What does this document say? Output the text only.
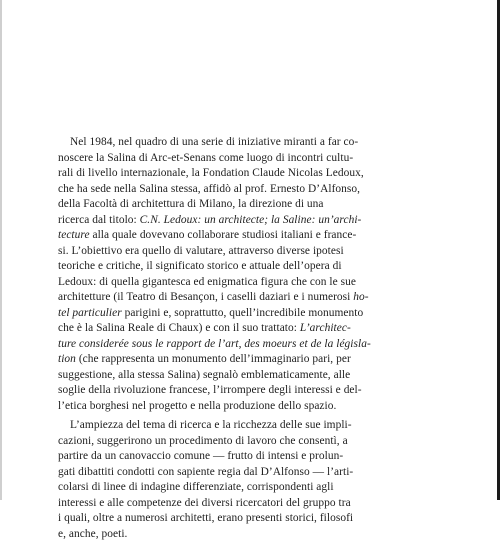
Nel 1984, nel quadro di una serie di iniziative miranti a far co-
noscere la Salina di Arc-et-Senans come luogo di incontri cultu-
rali di livello internazionale, la Fondation Claude Nicolas Ledoux,
che ha sede nella Salina stessa, affidò al prof. Ernesto D’Alfonso,
della Facoltà di architettura di Milano, la direzione di una
ricerca dal titolo: C.N. Ledoux: un architecte; la Saline: un’archi-
tecture alla quale dovevano collaborare studiosi italiani e france-
si. L’obiettivo era quello di valutare, attraverso diverse ipotesi
teoriche e critiche, il significato storico e attuale dell’opera di
Ledoux: di quella gigantesca ed enigmatica figura che con le sue
architetture (il Teatro di Besançon, i caselli daziari e i numerosi ho-
tel particulier parigini e, soprattutto, quell’incredibile monumento
che è la Salina Reale di Chaux) e con il suo trattato: L’architec-
ture considerée sous le rapport de l’art, des moeurs et de la législa-
tion (che rappresenta un monumento dell’immaginario pari, per
suggestione, alla stessa Salina) segnalò emblematicamente, alle
soglie della rivoluzione francese, l’irrompere degli interessi e del-
l’etica borghesi nel progetto e nella produzione dello spazio.
L’ampiezza del tema di ricerca e la ricchezza delle sue impli-
cazioni, suggerirono un procedimento di lavoro che consentì, a
partire da un canovaccio comune — frutto di intensi e prolun-
gati dibattiti condotti con sapiente regia dal D’Alfonso — l’arti-
colarsi di linee di indagine differenziate, corrispondenti agli
interessi e alle competenze dei diversi ricercatori del gruppo tra
i quali, oltre a numerosi architetti, erano presenti storici, filosofi
e, anche, poeti.
